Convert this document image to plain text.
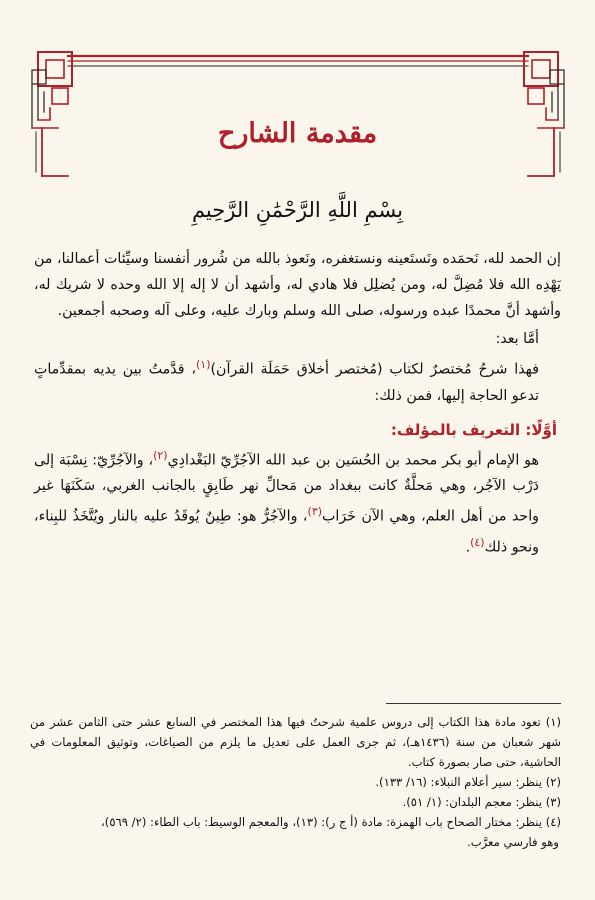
مقدمة الشارح
بِسْمِ اللَّهِ الرَّحْمَٰنِ الرَّحِيمِ

إن الحمد لله، نَحمَده ونَستَعينه ونستغفره، ونَعوذ بالله من شُرور أنفسنا وسيِّئات أعمالنا، من يَهْدِه الله فلا مُضِلَّ له، ومن يُضلِل فلا هادي له، وأشهد أن لا إله إلا الله وحده لا شريك له، وأشهد أنَّ محمدًا عبده ورسوله، صلى الله وسلم وبارك عليه، وعلى آله وصحبه أجمعين.

أمَّا بعد:

فهذا شرحُ مُختصرٌ لكتاب (مُختصر أخلاق حَمَلَة القرآن)$^{(١)}$، قدَّمتُ بين يديه بمقدِّماتٍ تدعو الحاجة إليها، فمن ذلك:

أوَّلًا: التعريف بالمؤلف:

هو الإمام أبو بكر محمد بن الحُسَين بن عبد الله الآجُرِّيّ البَغْدادِي$^{(٢)}$، والآجُرِّيّ: نِسْبَة إلى دَرْب الآجُر، وهي مَحلَّةٌ كانت ببغداد من مَحالِّ نهر طَابِقٍ بالجانب الغربي، سَكَنَهَا غير واحد من أهل العلم، وهي الآن خَرَاب$^{(٣)}$، والآجُرُّ هو: طِينٌ يُوقَدُ عليه بالنار ويُتَّخَذُ للبِناء، ونحو ذلك$^{(٤)}$.

(١) تعود مادة هذا الكتاب إلى دروس علمية شرحتُ فيها هذا المختصر في السابع عشر حتى الثامن عشر من شهر شعبان من سنة (١٤٣٦هـ)، ثم جرى العمل على تعديل ما يلزم من الصياغات، وتوثيق المعلومات في الحاشية، حتى صار بصورة كتاب.

(٢) ينظر: سير أعلام النبلاء: (١٦/ ١٣٣).

(٣) ينظر: معجم البلدان: (١/ ٥١).

(٤) ينظر: مختار الصحاح باب الهمزة: مادة (أ ج ر): (١٣)، والمعجم الوسيط: باب الطاء: (٢/ ٥٦٩)،

وهو فارسي معرَّب.
